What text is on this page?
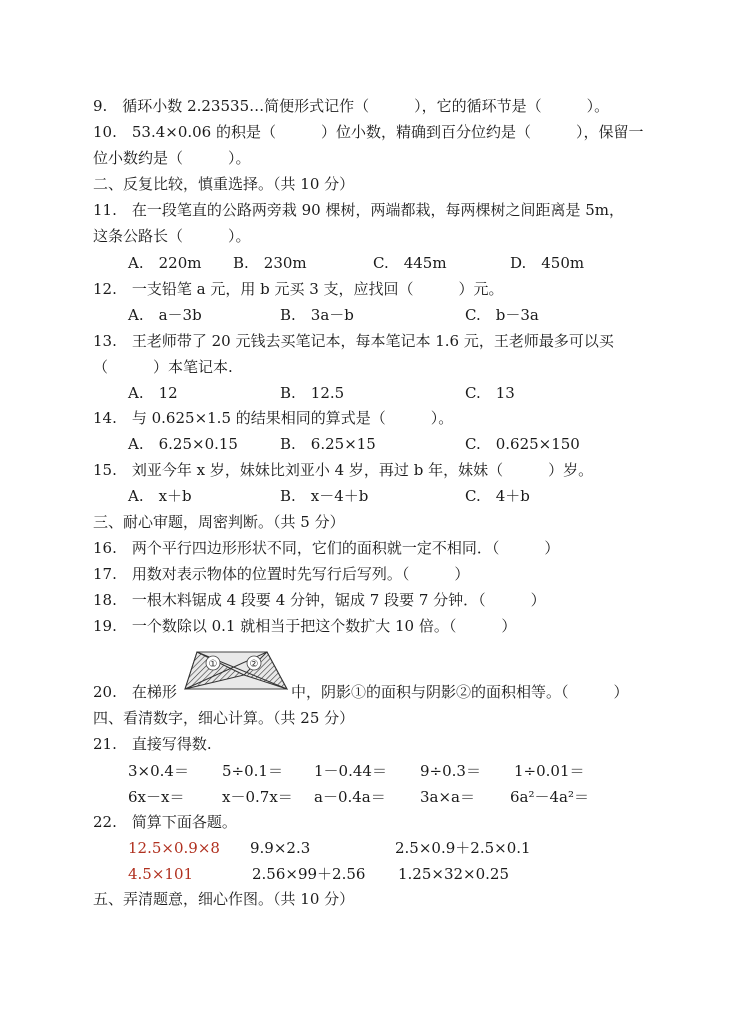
9.　循环小数 2.23535…简便形式记作（　　　），它的循环节是（　　　）。
10.　53.4×0.06 的积是（　　　）位小数，精确到百分位约是（　　　），保留一
位小数约是（　　　）。
二、反复比较，慎重选择。（共 10 分）
11.　在一段笔直的公路两旁栽 90 棵树，两端都栽，每两棵树之间距离是 5m，
这条公路长（　　　）。
A.　220m B.　230m	C.　445m	D.　450m
12.　一支铅笔 a 元，用 b 元买 3 支，应找回（　　　）元。
A.　a－3b	B.　3a－b	C.　b－3a
13.　王老师带了 20 元钱去买笔记本，每本笔记本 1.6 元，王老师最多可以买
（　　　）本笔记本.
A.　12	B.　12.5	C.　13
14.　与 0.625×1.5 的结果相同的算式是（　　　）。
A.　6.25×0.15	B.　6.25×15	C.　0.625×150
15.　刘亚今年 x 岁，妹妹比刘亚小 4 岁，再过 b 年，妹妹（　　　）岁。
A.　x＋b	B.　x－4＋b	C.　4＋b
三、耐心审题，周密判断。（共 5 分）
16.　两个平行四边形形状不同，它们的面积就一定不相同．（　　　）
17.　用数对表示物体的位置时先写行后写列。（　　　）
18.　一根木料锯成 4 段要 4 分钟，锯成 7 段要 7 分钟．（　　　）
19.　一个数除以 0.1 就相当于把这个数扩大 10 倍。（　　　）
20.　在梯形
①	②
中，阴影①的面积与阴影②的面积相等。（　　　）
四、看清数字，细心计算。（共 25 分）
21.　直接写得数.
3×0.4＝ 5÷0.1＝ 1－0.44＝ 9÷0.3＝ 1÷0.01＝
6x－x＝	x－0.7x＝ a－0.4a＝ 3a×a＝ 6a²－4a²＝
22.　简算下面各题。
12.5×0.9×8 9.9×2.3	2.5×0.9＋2.5×0.1
4.5×101	2.56×99＋2.56 1.25×32×0.25
五、弄清题意，细心作图。（共 10 分）
